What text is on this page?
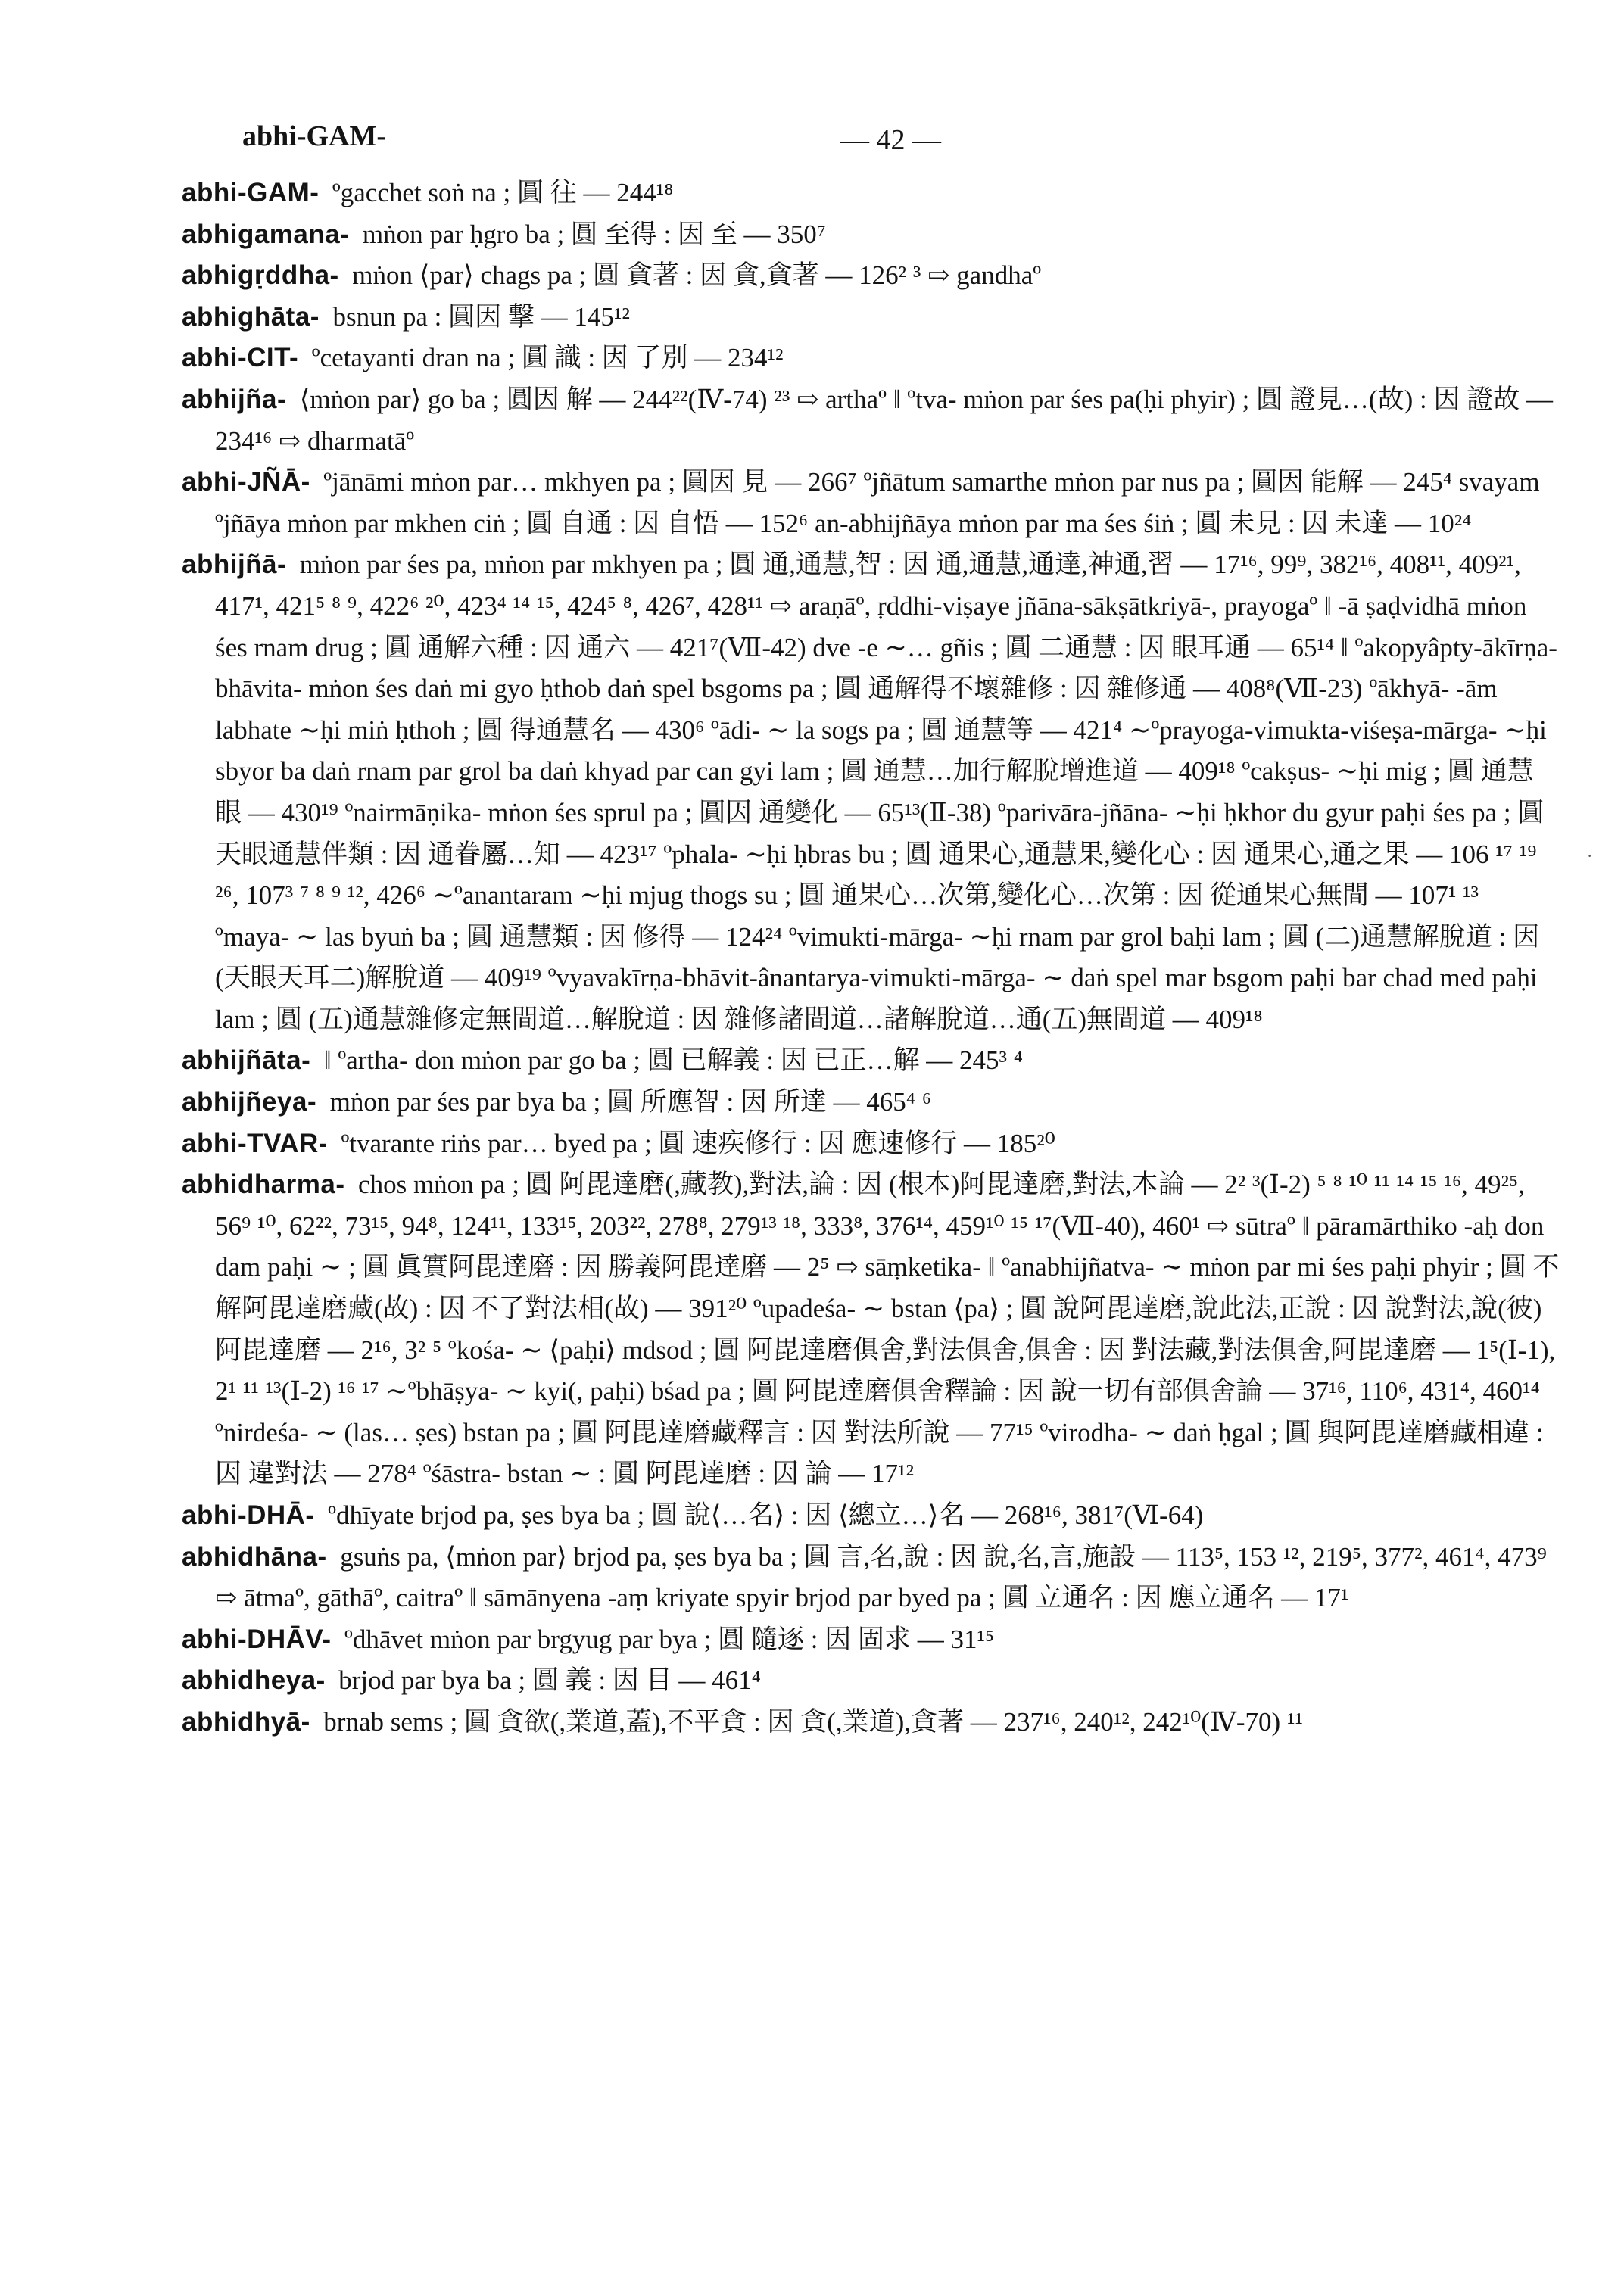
abhi-GAM-	— 42 —
·

abhi-GAM- ºgacchet soṅ na ; 圓 往 — 244¹⁸

abhigamana- mṅon par ḥgro ba ; 圓 至得 : 因 至 — 350⁷

abhigṛddha- mṅon ⟨par⟩ chags pa ; 圓 貪著 : 因 貪,貪著 — 126² ³ ⇨ gandhaº

abhighāta- bsnun pa : 圓因 撃 — 145¹²

abhi-CIT- ºcetayanti dran na ; 圓 識 : 因 了別 — 234¹²

abhijña- ⟨mṅon par⟩ go ba ; 圓因 解 — 244²²(Ⅳ-74) ²³ ⇨ arthaº ‖ ºtva- mṅon par śes pa(ḥi phyir) ; 圓 證見…(故) : 因 證故 — 234¹⁶ ⇨ dharmatāº

abhi-JÑĀ- ºjānāmi mṅon par… mkhyen pa ; 圓因 見 — 266⁷ ºjñātum samarthe mṅon par nus pa ; 圓因 能解 — 245⁴ svayam ºjñāya mṅon par mkhen ciṅ ; 圓 自通 : 因 自悟 — 152⁶ an-abhijñāya mṅon par ma śes śiṅ ; 圓 未見 : 因 未達 — 10²⁴

abhijñā- mṅon par śes pa, mṅon par mkhyen pa ; 圓 通,通慧,智 : 因 通,通慧,通達,神通,習 — 17¹⁶, 99⁹, 382¹⁶, 408¹¹, 409²¹, 417¹, 421⁵ ⁸ ⁹, 422⁶ ²⁰, 423⁴ ¹⁴ ¹⁵, 424⁵ ⁸, 426⁷, 428¹¹ ⇨ araṇāº, ṛddhi-viṣaye jñāna-sākṣātkriyā-, prayogaº ‖ -ā ṣaḍvidhā mṅon śes rnam drug ; 圓 通解六種 : 因 通六 — 421⁷(Ⅶ-42) dve -e ∼… gñis ; 圓 二通慧 : 因 眼耳通 — 65¹⁴ ‖ ºakopyâpty-ākīrṇa-bhāvita- mṅon śes daṅ mi gyo ḥthob daṅ spel bsgoms pa ; 圓 通解得不壞雜修 : 因 雜修通 — 408⁸(Ⅶ-23) ºākhyā- -ām labhate ∼ḥi miṅ ḥthoh ; 圓 得通慧名 — 430⁶ ºādi- ∼ la sogs pa ; 圓 通慧等 — 421⁴ ∼ºprayoga-vimukta-viśeṣa-mārga- ∼ḥi sbyor ba daṅ rnam par grol ba daṅ khyad par can gyi lam ; 圓 通慧…加行解脫增進道 — 409¹⁸ ºcakṣus- ∼ḥi mig ; 圓 通慧眼 — 430¹⁹ ºnairmāṇika- mṅon śes sprul pa ; 圓因 通變化 — 65¹³(Ⅱ-38) ºparivāra-jñāna- ∼ḥi ḥkhor du gyur paḥi śes pa ; 圓 天眼通慧伴類 : 因 通眷屬…知 — 423¹⁷ ºphala- ∼ḥi ḥbras bu ; 圓 通果心,通慧果,變化心 : 因 通果心,通之果 — 106 ¹⁷ ¹⁹ ²⁶, 107³ ⁷ ⁸ ⁹ ¹², 426⁶ ∼ºanantaram ∼ḥi mjug thogs su ; 圓 通果心…次第,變化心…次第 : 因 從通果心無間 — 107¹ ¹³ ºmaya- ∼ las byuṅ ba ; 圓 通慧類 : 因 修得 — 124²⁴ ºvimukti-mārga- ∼ḥi rnam par grol baḥi lam ; 圓 (二)通慧解脫道 : 因 (天眼天耳二)解脫道 — 409¹⁹ ºvyavakīrṇa-bhāvit-ânantarya-vimukti-mārga- ∼ daṅ spel mar bsgom paḥi bar chad med paḥi lam ; 圓 (五)通慧雜修定無間道…解脫道 : 因 雜修諸間道…諸解脫道…通(五)無間道 — 409¹⁸

abhijñāta- ‖ ºartha- don mṅon par go ba ; 圓 已解義 : 因 已正…解 — 245³ ⁴

abhijñeya- mṅon par śes par bya ba ; 圓 所應智 : 因 所達 — 465⁴ ⁶

abhi-TVAR- ºtvarante riṅs par… byed pa ; 圓 速疾修行 : 因 應速修行 — 185²⁰

abhidharma- chos mṅon pa ; 圓 阿毘達磨(,藏教),對法,論 : 因 (根本)阿毘達磨,對法,本論 — 2² ³(Ⅰ-2) ⁵ ⁸ ¹⁰ ¹¹ ¹⁴ ¹⁵ ¹⁶, 49²⁵, 56⁹ ¹⁰, 62²², 73¹⁵, 94⁸, 124¹¹, 133¹⁵, 203²², 278⁸, 279¹³ ¹⁸, 333⁸, 376¹⁴, 459¹⁰ ¹⁵ ¹⁷(Ⅶ-40), 460¹ ⇨ sūtraº ‖ pāramārthiko -aḥ don dam paḥi ∼ ; 圓 眞實阿毘達磨 : 因 勝義阿毘達磨 — 2⁵ ⇨ sāṃketika- ‖ ºanabhijñatva- ∼ mṅon par mi śes paḥi phyir ; 圓 不解阿毘達磨藏(故) : 因 不了對法相(故) — 391²⁰ ºupadeśa- ∼ bstan ⟨pa⟩ ; 圓 說阿毘達磨,說此法,正說 : 因 說對法,說(彼)阿毘達磨 — 2¹⁶, 3² ⁵ ºkośa- ∼ ⟨paḥi⟩ mdsod ; 圓 阿毘達磨俱舍,對法俱舍,俱舍 : 因 對法藏,對法俱舍,阿毘達磨 — 1⁵(Ⅰ-1), 2¹ ¹¹ ¹³(Ⅰ-2) ¹⁶ ¹⁷ ∼ºbhāṣya- ∼ kyi(, paḥi) bśad pa ; 圓 阿毘達磨俱舍釋論 : 因 說一切有部俱舍論 — 37¹⁶, 110⁶, 431⁴, 460¹⁴ ºnirdeśa- ∼ (las… ṣes) bstan pa ; 圓 阿毘達磨藏釋言 : 因 對法所說 — 77¹⁵ ºvirodha- ∼ daṅ ḥgal ; 圓 與阿毘達磨藏相違 : 因 違對法 — 278⁴ ºśāstra- bstan ∼ : 圓 阿毘達磨 : 因 論 — 17¹²

abhi-DHĀ- ºdhīyate brjod pa, ṣes bya ba ; 圓 說⟨…名⟩ : 因 ⟨總立…⟩名 — 268¹⁶, 381⁷(Ⅵ-64)

abhidhāna- gsuṅs pa, ⟨mṅon par⟩ brjod pa, ṣes bya ba ; 圓 言,名,說 : 因 說,名,言,施設 — 113⁵, 153 ¹², 219⁵, 377², 461⁴, 473⁹ ⇨ ātmaº, gāthāº, caitraº ‖ sāmānyena -aṃ kriyate spyir brjod par byed pa ; 圓 立通名 : 因 應立通名 — 17¹

abhi-DHĀV- ºdhāvet mṅon par brgyug par bya ; 圓 隨逐 : 因 固求 — 31¹⁵

abhidheya- brjod par bya ba ; 圓 義 : 因 目 — 461⁴

abhidhyā- brnab sems ; 圓 貪欲(,業道,蓋),不平貪 : 因 貪(,業道),貪著 — 237¹⁶, 240¹², 242¹⁰(Ⅳ-70) ¹¹
